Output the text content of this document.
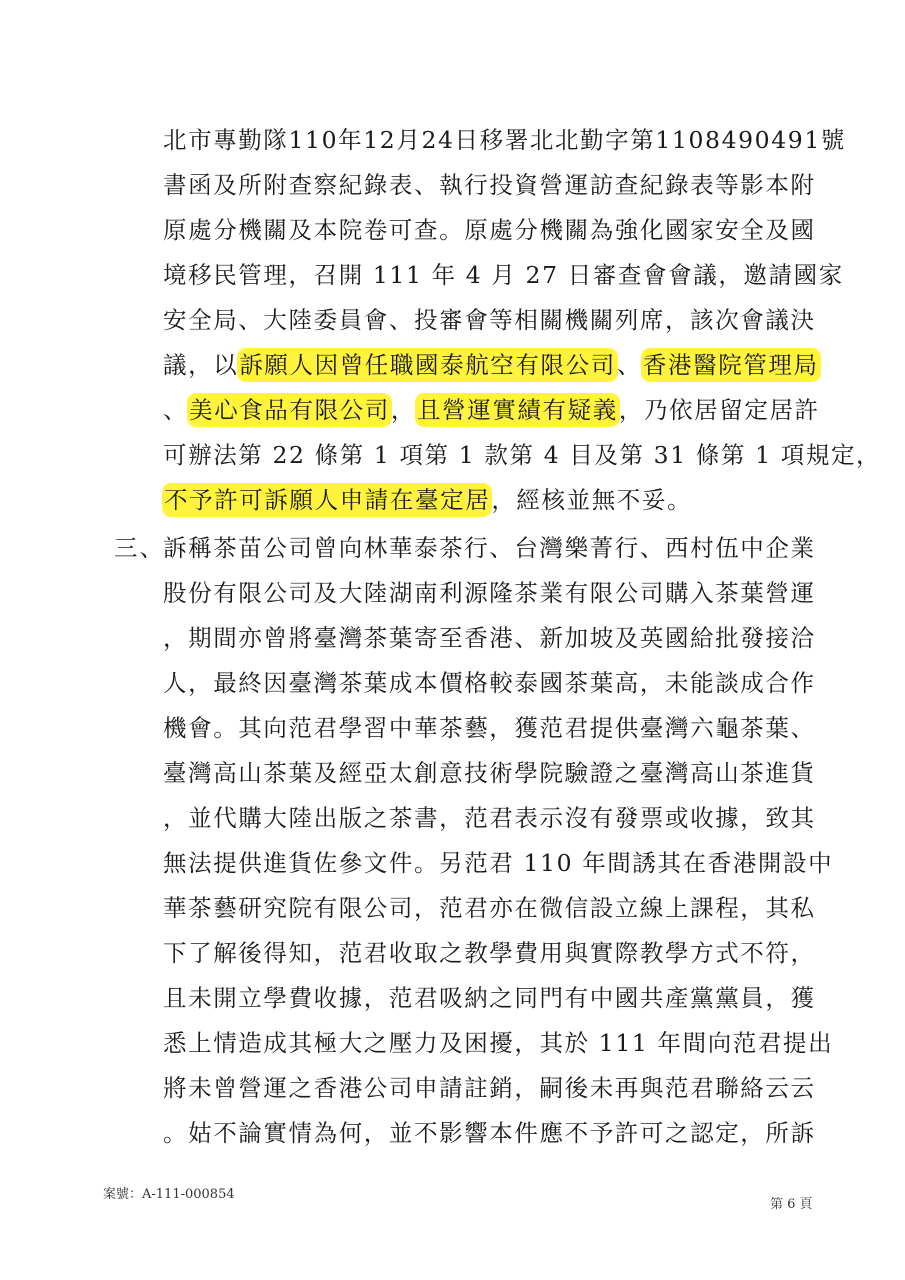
北市專勤隊110年12月24日移署北北勤字第1108490491號
書函及所附查察紀錄表、執行投資營運訪查紀錄表等影本附
原處分機關及本院卷可查。原處分機關為強化國家安全及國
境移民管理，召開 111 年 4 月 27 日審查會會議，邀請國家
安全局、大陸委員會、投審會等相關機關列席，該次會議決
議，以訴願人因曾任職國泰航空有限公司、香港醫院管理局
、美心食品有限公司，且營運實績有疑義，乃依居留定居許
可辦法第 22 條第 1 項第 1 款第 4 目及第 31 條第 1 項規定，
不予許可訴願人申請在臺定居，經核並無不妥。
三、訴稱茶苗公司曾向林華泰茶行、台灣樂菁行、西村伍中企業
股份有限公司及大陸湖南利源隆茶業有限公司購入茶葉營運
，期間亦曾將臺灣茶葉寄至香港、新加坡及英國給批發接洽
人，最終因臺灣茶葉成本價格較泰國茶葉高，未能談成合作
機會。其向范君學習中華茶藝，獲范君提供臺灣六龜茶葉、
臺灣高山茶葉及經亞太創意技術學院驗證之臺灣高山茶進貨
，並代購大陸出版之茶書，范君表示沒有發票或收據，致其
無法提供進貨佐參文件。另范君 110 年間誘其在香港開設中
華茶藝研究院有限公司，范君亦在微信設立線上課程，其私
下了解後得知，范君收取之教學費用與實際教學方式不符，
且未開立學費收據，范君吸納之同門有中國共產黨黨員，獲
悉上情造成其極大之壓力及困擾，其於 111 年間向范君提出
將未曾營運之香港公司申請註銷，嗣後未再與范君聯絡云云
。姑不論實情為何，並不影響本件應不予許可之認定，所訴
案號：A-111-000854
第 6 頁
